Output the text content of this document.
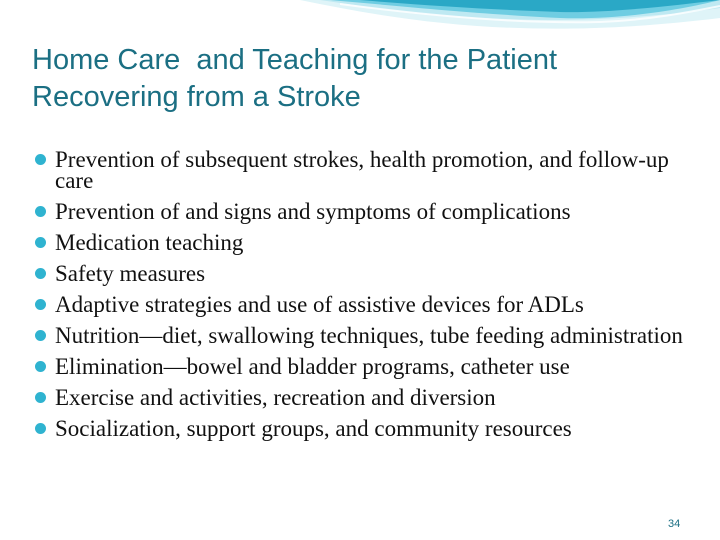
Home Care  and Teaching for the Patient
Recovering from a Stroke
Prevention of subsequent strokes, health promotion, and follow-up care
Prevention of and signs and symptoms of complications
Medication teaching
Safety measures
Adaptive strategies and use of assistive devices for ADLs
Nutrition—diet, swallowing techniques, tube feeding administration
Elimination—bowel and bladder programs, catheter use
Exercise and activities, recreation and diversion
Socialization, support groups, and community resources
34
